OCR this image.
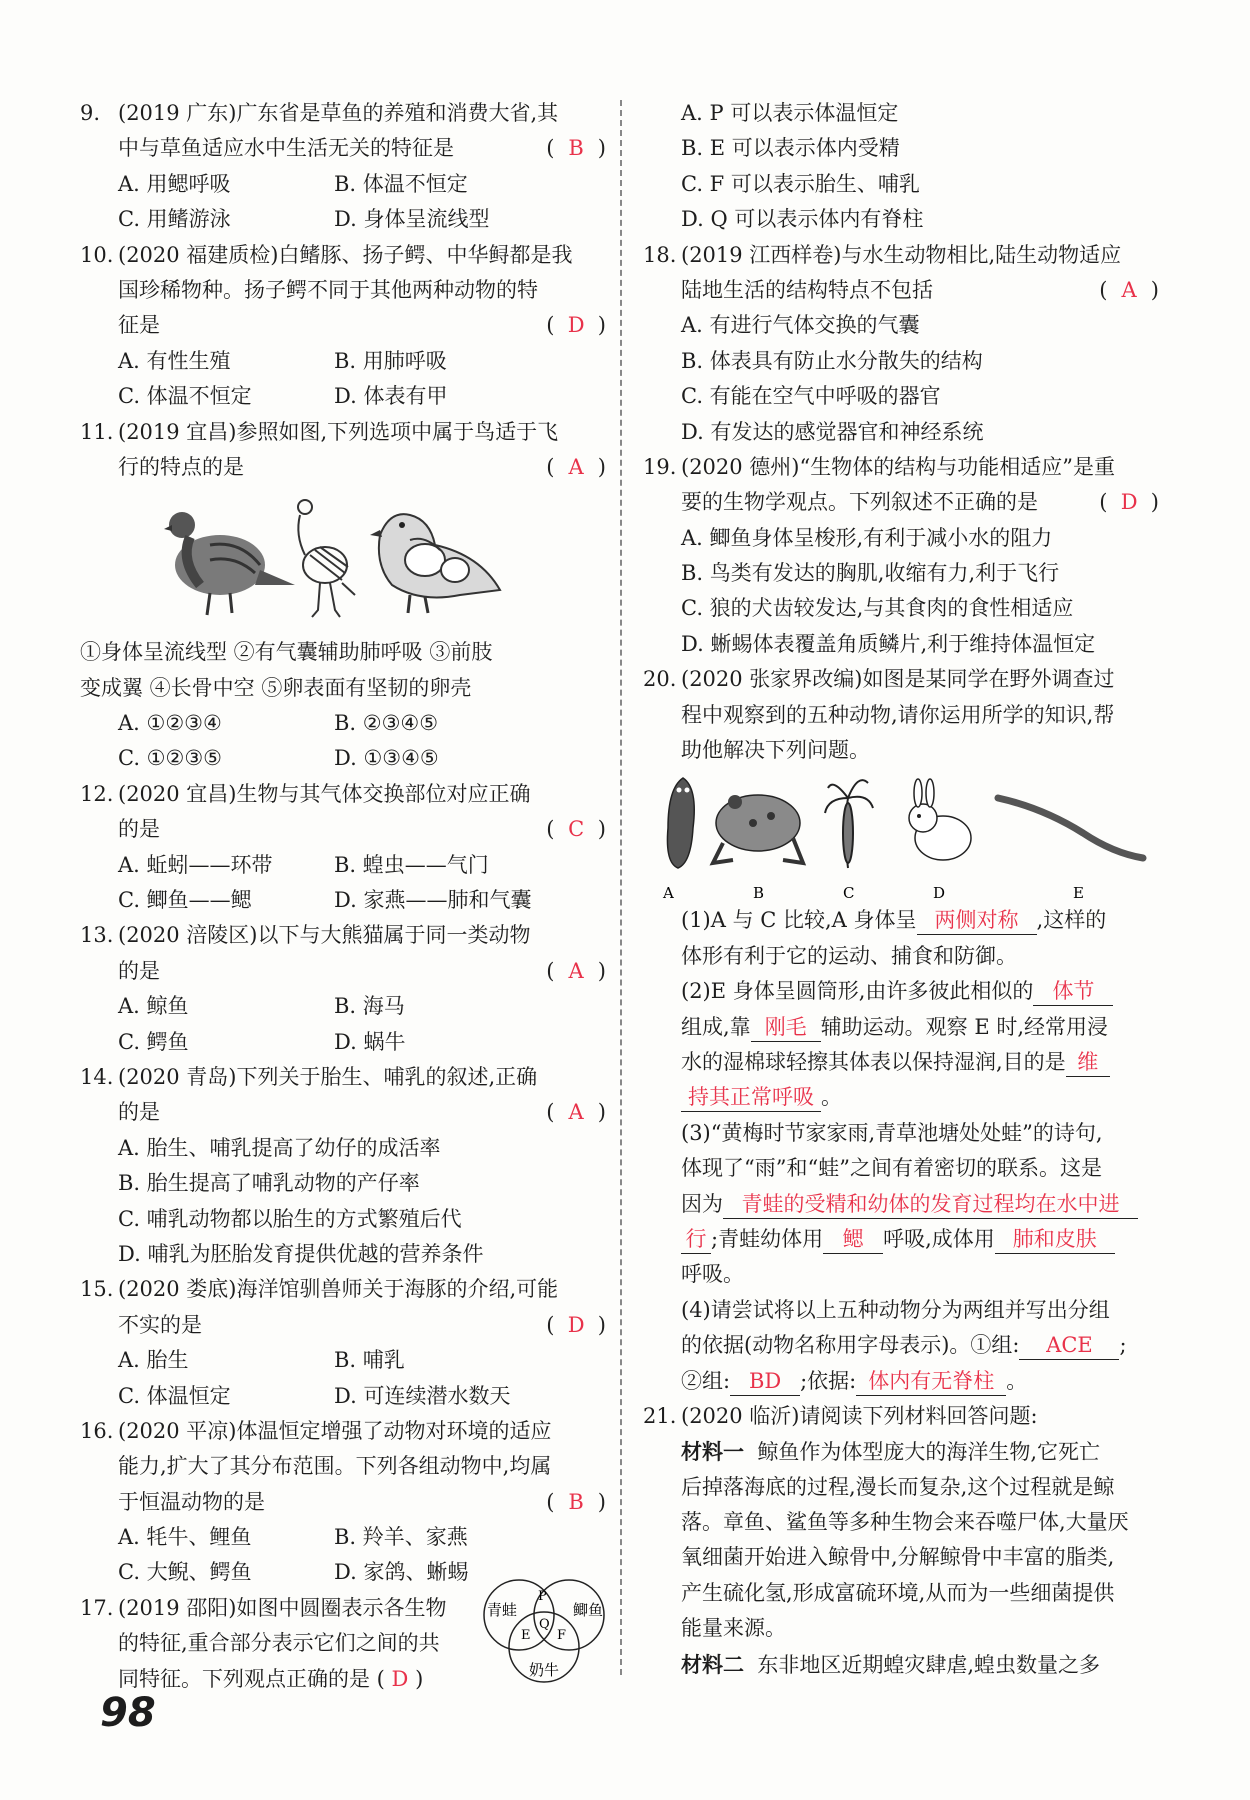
9. (2019 广东)广东省是草鱼的养殖和消费大省,其
中与草鱼适应水中生活无关的特征是	( B )
A. 用鳃呼吸	B. 体温不恒定
C. 用鳍游泳	D. 身体呈流线型
10. (2020 福建质检)白鳍豚、扬子鳄、中华鲟都是我
国珍稀物种。扬子鳄不同于其他两种动物的特
征是	( D )
A. 有性生殖	B. 用肺呼吸
C. 体温不恒定	D. 体表有甲
11. (2019 宜昌)参照如图,下列选项中属于鸟适于飞
行的特点的是	( A )
①身体呈流线型 ②有气囊辅助肺呼吸 ③前肢
变成翼 ④长骨中空 ⑤卵表面有坚韧的卵壳
A. ①②③④	B. ②③④⑤
C. ①②③⑤	D. ①③④⑤
12. (2020 宜昌)生物与其气体交换部位对应正确
的是	( C )
A. 蚯蚓——环带	B. 蝗虫——气门
C. 鲫鱼——鳃	D. 家燕——肺和气囊
13. (2020 涪陵区)以下与大熊猫属于同一类动物
的是	( A )
A. 鲸鱼	B. 海马
C. 鳄鱼	D. 蜗牛
14. (2020 青岛)下列关于胎生、哺乳的叙述,正确
的是	( A )
A. 胎生、哺乳提高了幼仔的成活率
B. 胎生提高了哺乳动物的产仔率
C. 哺乳动物都以胎生的方式繁殖后代
D. 哺乳为胚胎发育提供优越的营养条件
15. (2020 娄底)海洋馆驯兽师关于海豚的介绍,可能
不实的是	( D )
A. 胎生	B. 哺乳
C. 体温恒定	D. 可连续潜水数天
16. (2020 平凉)体温恒定增强了动物对环境的适应
能力,扩大了其分布范围。下列各组动物中,均属
于恒温动物的是	( B )
A. 牦牛、鲤鱼	B. 羚羊、家燕
C. 大鲵、鳄鱼	D. 家鸽、蜥蜴
17. (2019 邵阳)如图中圆圈表示各生物
的特征,重合部分表示它们之间的共
同特征。下列观点正确的是 ( D )
青蛙	鲫鱼
奶牛
P
Q
E F
98
A. P 可以表示体温恒定
B. E 可以表示体内受精
C. F 可以表示胎生、哺乳
D. Q 可以表示体内有脊柱
18. (2019 江西样卷)与水生动物相比,陆生动物适应
陆地生活的结构特点不包括	( A )
A. 有进行气体交换的气囊
B. 体表具有防止水分散失的结构
C. 有能在空气中呼吸的器官
D. 有发达的感觉器官和神经系统
19. (2020 德州)“生物体的结构与功能相适应”是重
要的生物学观点。下列叙述不正确的是	( D )
A. 鲫鱼身体呈梭形,有利于减小水的阻力
B. 鸟类有发达的胸肌,收缩有力,利于飞行
C. 狼的犬齿较发达,与其食肉的食性相适应
D. 蜥蜴体表覆盖角质鳞片,利于维持体温恒定
20. (2020 张家界改编)如图是某同学在野外调查过
程中观察到的五种动物,请你运用所学的知识,帮
助他解决下列问题。
A	B	C	D	E
(1)A 与 C 比较,A 身体呈 两侧对称 ,这样的
体形有利于它的运动、捕食和防御。
(2)E 身体呈圆筒形,由许多彼此相似的 体节
组成,靠 刚毛 辅助运动。观察 E 时,经常用浸
水的湿棉球轻擦其体表以保持湿润,目的是 维
持其正常呼吸 。
(3)“黄梅时节家家雨,青草池塘处处蛙”的诗句,
体现了“雨”和“蛙”之间有着密切的联系。这是
因为 青蛙的受精和幼体的发育过程均在水中进
行 ;青蛙幼体用 鳃 呼吸,成体用 肺和皮肤
呼吸。
(4)请尝试将以上五种动物分为两组并写出分组
的依据(动物名称用字母表示)。①组: ACE ;
②组: BD ;依据: 体内有无脊柱 。
21. (2020 临沂)请阅读下列材料回答问题:
材料一 鲸鱼作为体型庞大的海洋生物,它死亡
后掉落海底的过程,漫长而复杂,这个过程就是鲸
落。章鱼、鲨鱼等多种生物会来吞噬尸体,大量厌
氧细菌开始进入鲸骨中,分解鲸骨中丰富的脂类,
产生硫化氢,形成富硫环境,从而为一些细菌提供
能量来源。
材料二 东非地区近期蝗灾肆虐,蝗虫数量之多
